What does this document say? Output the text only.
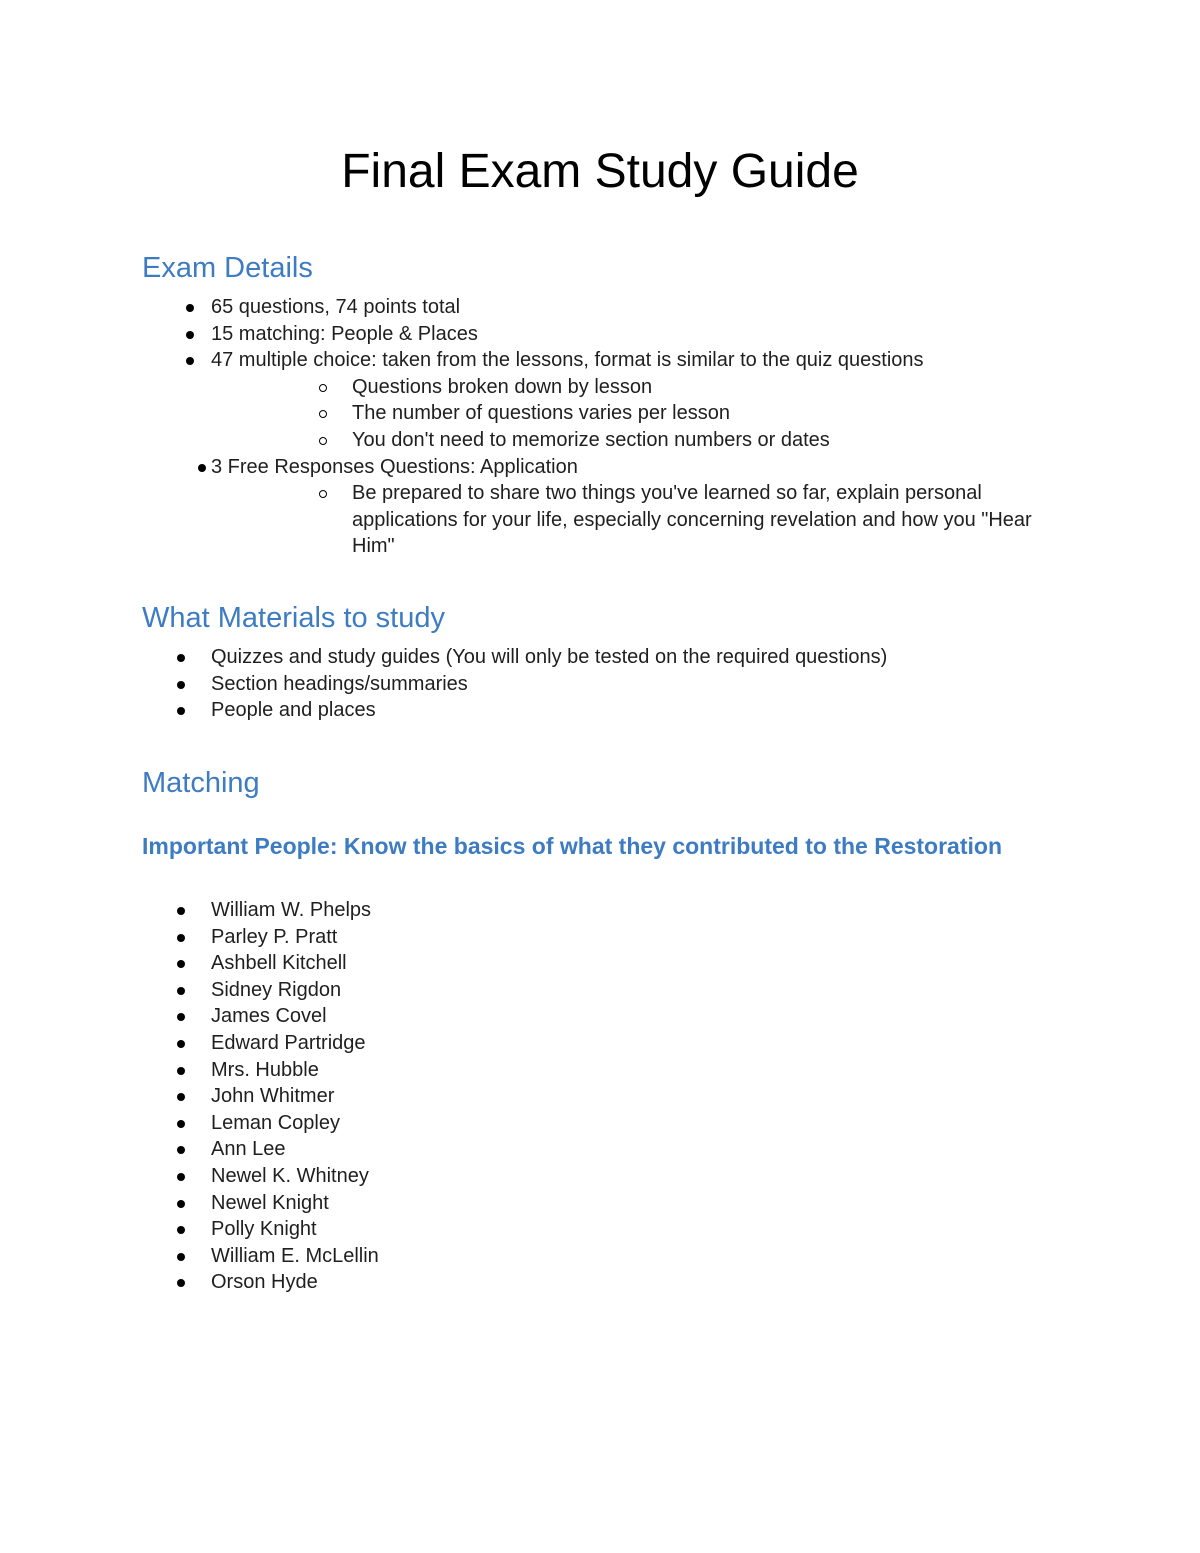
Final Exam Study Guide
Exam Details
65 questions, 74 points total
15 matching: People & Places
47 multiple choice: taken from the lessons, format is similar to the quiz questions
Questions broken down by lesson
The number of questions varies per lesson
You don't need to memorize section numbers or dates
3 Free Responses Questions: Application
Be prepared to share two things you've learned so far, explain personal applications for your life, especially concerning revelation and how you "Hear Him"
What Materials to study
Quizzes and study guides (You will only be tested on the required questions)
Section headings/summaries
People and places
Matching
Important People: Know the basics of what they contributed to the Restoration
William W. Phelps
Parley P. Pratt
Ashbell Kitchell
Sidney Rigdon
James Covel
Edward Partridge
Mrs. Hubble
John Whitmer
Leman Copley
Ann Lee
Newel K. Whitney
Newel Knight
Polly Knight
William E. McLellin
Orson Hyde
